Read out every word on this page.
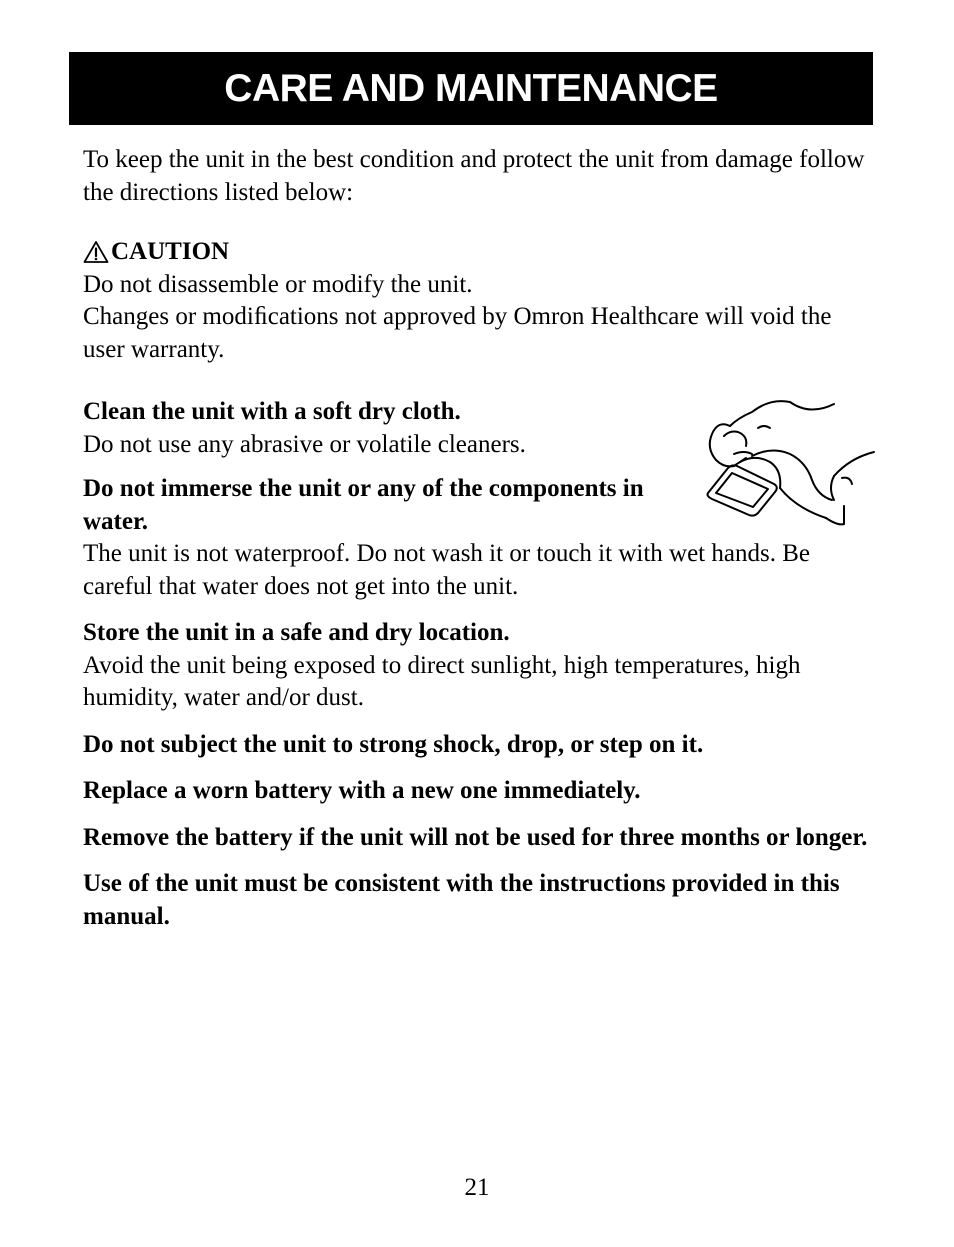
CARE AND MAINTENANCE

To keep the unit in the best condition and protect the unit from damage follow the directions listed below:

CAUTION

Do not disassemble or modify the unit.

Changes or modiﬁcations not approved by Omron Healthcare will void the user warranty.

Clean the unit with a soft dry cloth.

Do not use any abrasive or volatile cleaners.

Do not immerse the unit or any of the components in water.

The unit is not waterproof. Do not wash it or touch it with wet hands. Be careful that water does not get into the unit.

Store the unit in a safe and dry location.

Avoid the unit being exposed to direct sunlight, high temperatures, high humidity, water and/or dust.

Do not subject the unit to strong shock, drop, or step on it.

Replace a worn battery with a new one immediately.

Remove the battery if the unit will not be used for three months or longer.

Use of the unit must be consistent with the instructions provided in this manual.

21
